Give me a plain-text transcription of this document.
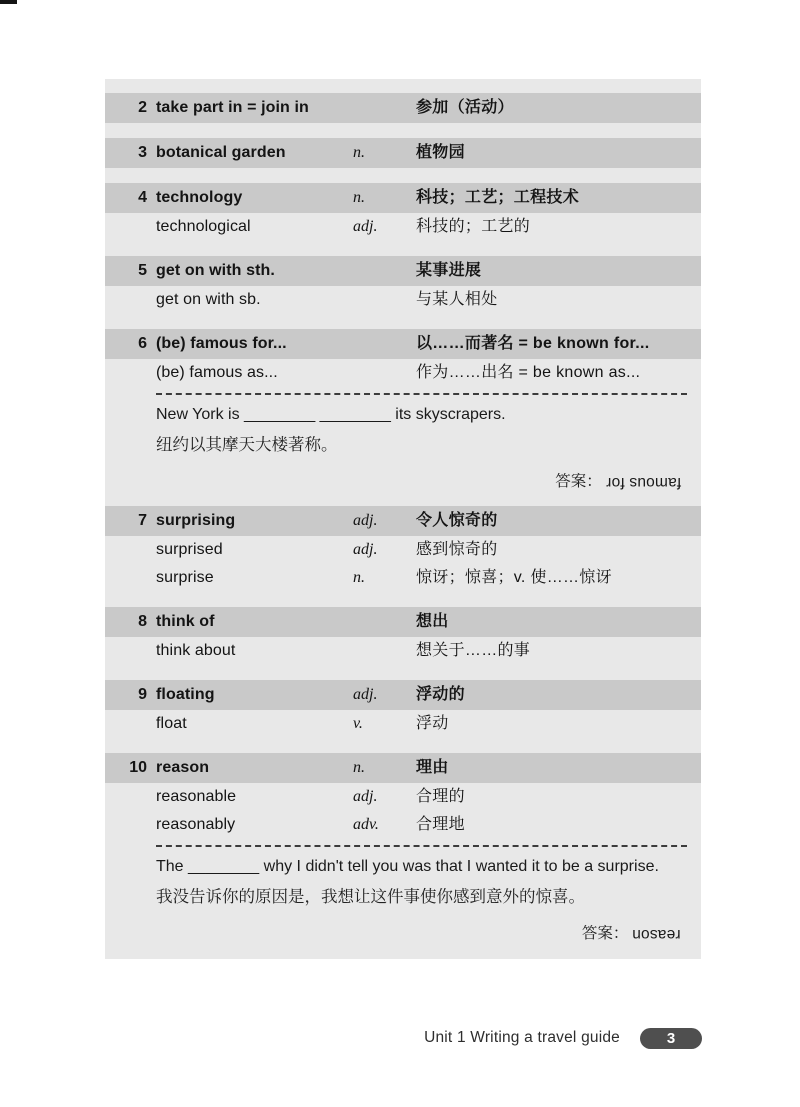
2 take part in = join in	参加（活动）
3 botanical garden	n.	植物园
4 technology	n.	科技；工艺；工程技术
technological	adj.	科技的；工艺的
5 get on with sth.	某事进展
get on with sb.	与某人相处
6 (be) famous for...	以……而著名 = be known for...
(be) famous as...	作为……出名 = be known as...
New York is ________ ________ its skyscrapers.
纽约以其摩天大楼著称。
答案： famous for
7 surprising	adj.	令人惊奇的
surprised	adj.	感到惊奇的
surprise	n.	惊讶；惊喜；v. 使……惊讶
8 think of	想出
think about	想关于……的事
9 floating	adj.	浮动的
float	v.	浮动
10 reason	n.	理由
reasonable	adj.	合理的
reasonably	adv.	合理地
The ________ why I didn't tell you was that I wanted it to be a surprise.
我没告诉你的原因是，我想让这件事使你感到意外的惊喜。
答案： reason
Unit 1 Writing a travel guide	3
